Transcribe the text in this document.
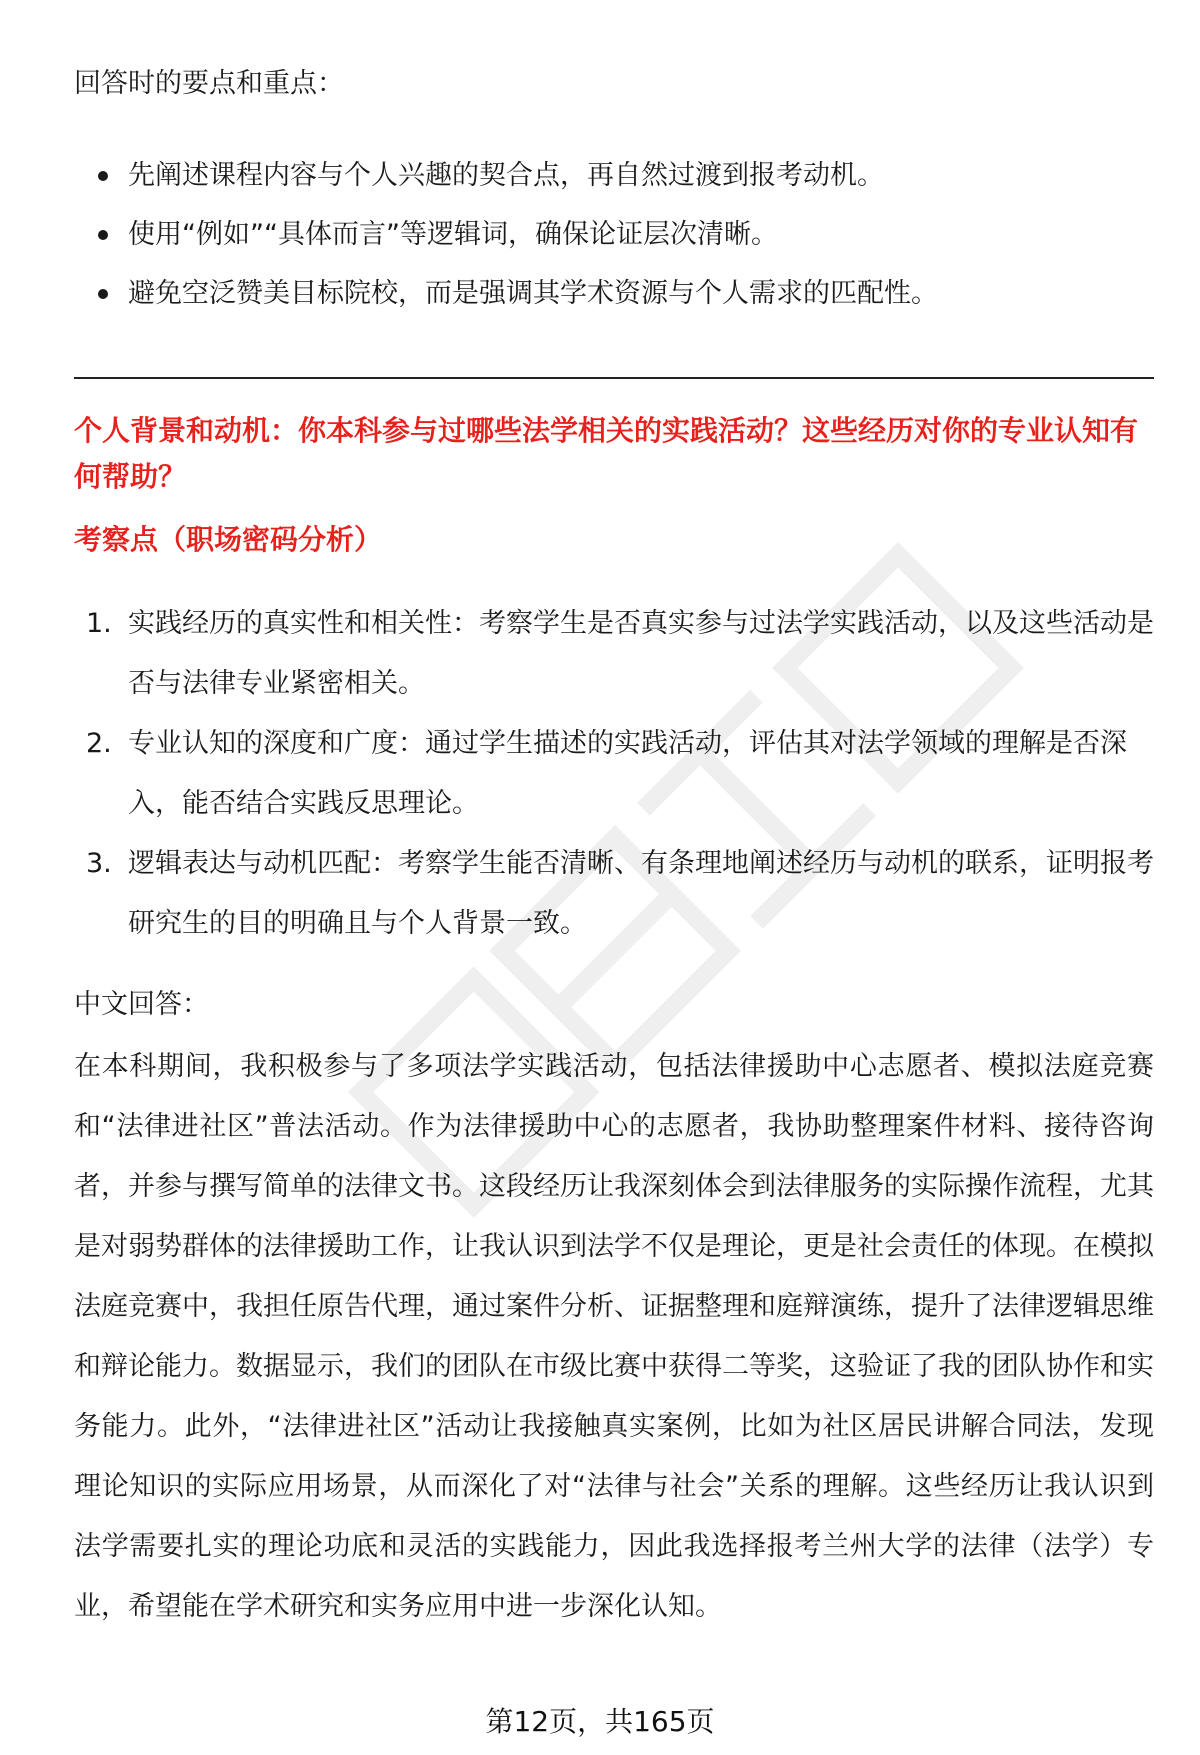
回答时的要点和重点：
先阐述课程内容与个人兴趣的契合点，再自然过渡到报考动机。
使用“例如”“具体而言”等逻辑词，确保论证层次清晰。
避免空泛赞美目标院校，而是强调其学术资源与个人需求的匹配性。
个人背景和动机：你本科参与过哪些法学相关的实践活动？这些经历对你的专业认知有何帮助？
考察点（职场密码分析）
1. 实践经历的真实性和相关性：考察学生是否真实参与过法学实践活动，以及这些活动是否与法律专业紧密相关。
2. 专业认知的深度和广度：通过学生描述的实践活动，评估其对法学领域的理解是否深入，能否结合实践反思理论。
3. 逻辑表达与动机匹配：考察学生能否清晰、有条理地阐述经历与动机的联系，证明报考研究生的目的明确且与个人背景一致。
中文回答：

在本科期间，我积极参与了多项法学实践活动，包括法律援助中心志愿者、模拟法庭竞赛和“法律进社区”普法活动。作为法律援助中心的志愿者，我协助整理案件材料、接待咨询者，并参与撰写简单的法律文书。这段经历让我深刻体会到法律服务的实际操作流程，尤其是对弱势群体的法律援助工作，让我认识到法学不仅是理论，更是社会责任的体现。在模拟法庭竞赛中，我担任原告代理，通过案件分析、证据整理和庭辩演练，提升了法律逻辑思维和辩论能力。数据显示，我们的团队在市级比赛中获得二等奖，这验证了我的团队协作和实务能力。此外，“法律进社区”活动让我接触真实案例，比如为社区居民讲解合同法，发现理论知识的实际应用场景，从而深化了对“法律与社会”关系的理解。这些经历让我认识到法学需要扎实的理论功底和灵活的实践能力，因此我选择报考兰州大学的法律（法学）专业，希望能在学术研究和实务应用中进一步深化认知。

第12页，共165页
